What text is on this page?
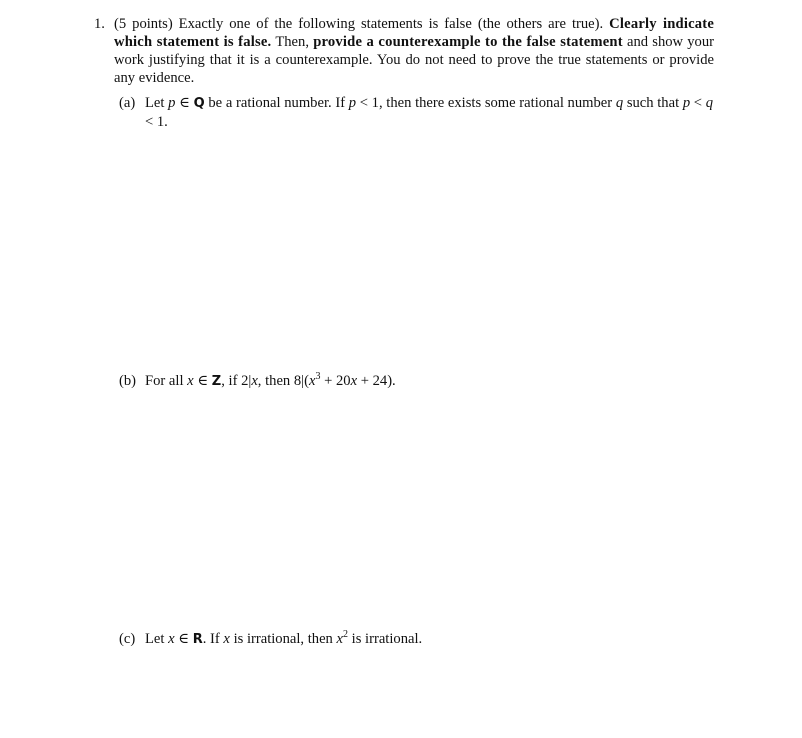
1. (5 points) Exactly one of the following statements is false (the others are true). Clearly indicate which statement is false. Then, provide a counterexample to the false statement and show your work justifying that it is a counterexample. You do not need to prove the true statements or provide any evidence.
(a) Let p ∈ Q be a rational number. If p < 1, then there exists some rational number q such that p < q < 1.
(b) For all x ∈ Z, if 2|x, then $8|(x^3 + 20x + 24)$.
(c) Let x ∈ R. If x is irrational, then $x^2$ is irrational.
